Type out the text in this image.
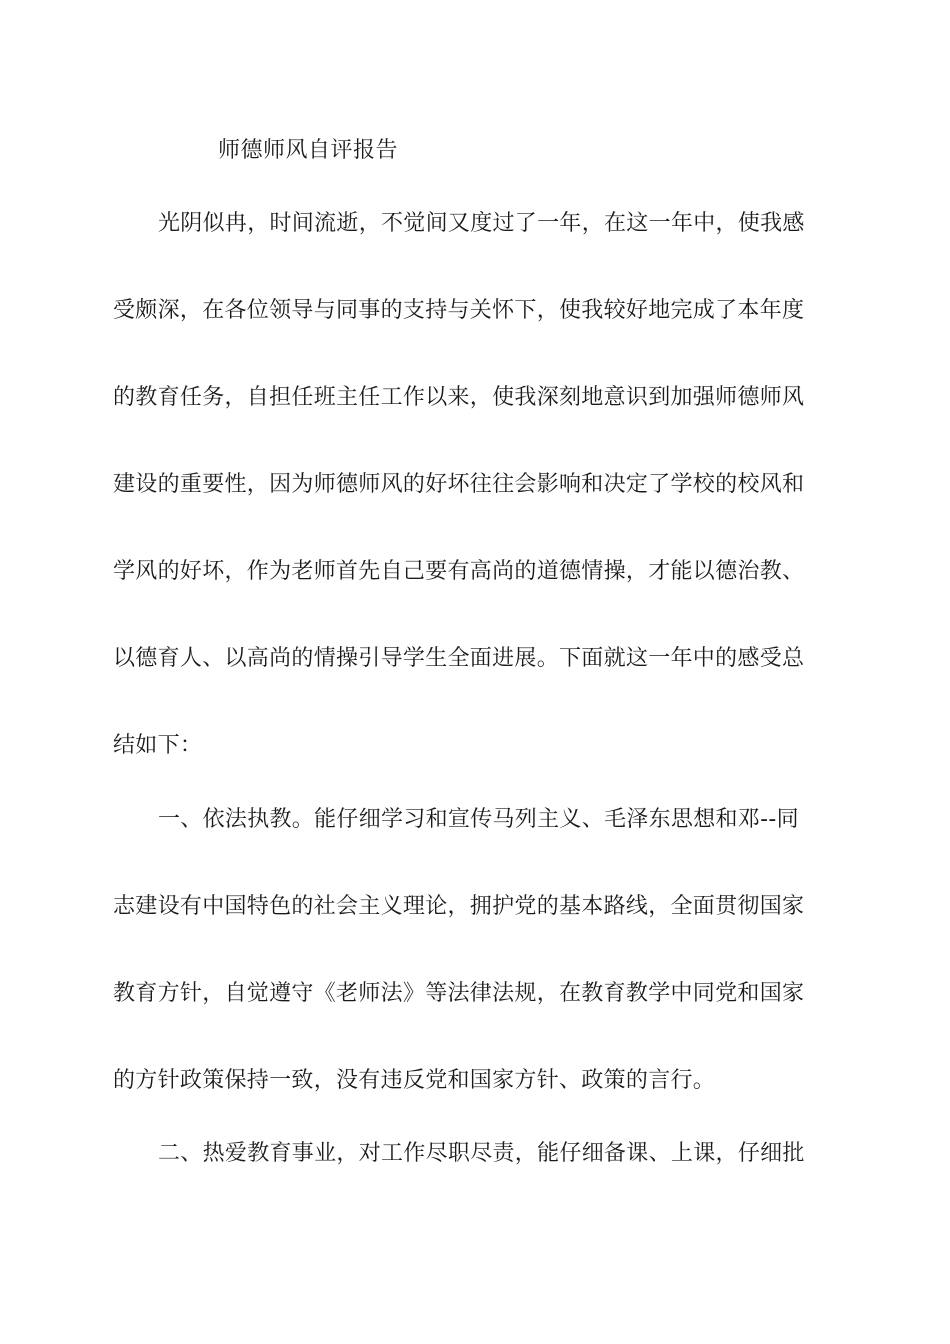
师德师风自评报告
光阴似冉，时间流逝，不觉间又度过了一年，在这一年中，使我感
受颇深，在各位领导与同事的支持与关怀下，使我较好地完成了本年度
的教育任务，自担任班主任工作以来，使我深刻地意识到加强师德师风
建设的重要性，因为师德师风的好坏往往会影响和决定了学校的校风和
学风的好坏，作为老师首先自己要有高尚的道德情操，才能以德治教、
以德育人、以高尚的情操引导学生全面进展。下面就这一年中的感受总
结如下：
一、依法执教。能仔细学习和宣传马列主义、毛泽东思想和邓--同
志建设有中国特色的社会主义理论，拥护党的基本路线，全面贯彻国家
教育方针，自觉遵守《老师法》等法律法规，在教育教学中同党和国家
的方针政策保持一致，没有违反党和国家方针、政策的言行。
二、热爱教育事业，对工作尽职尽责，能仔细备课、上课，仔细批
